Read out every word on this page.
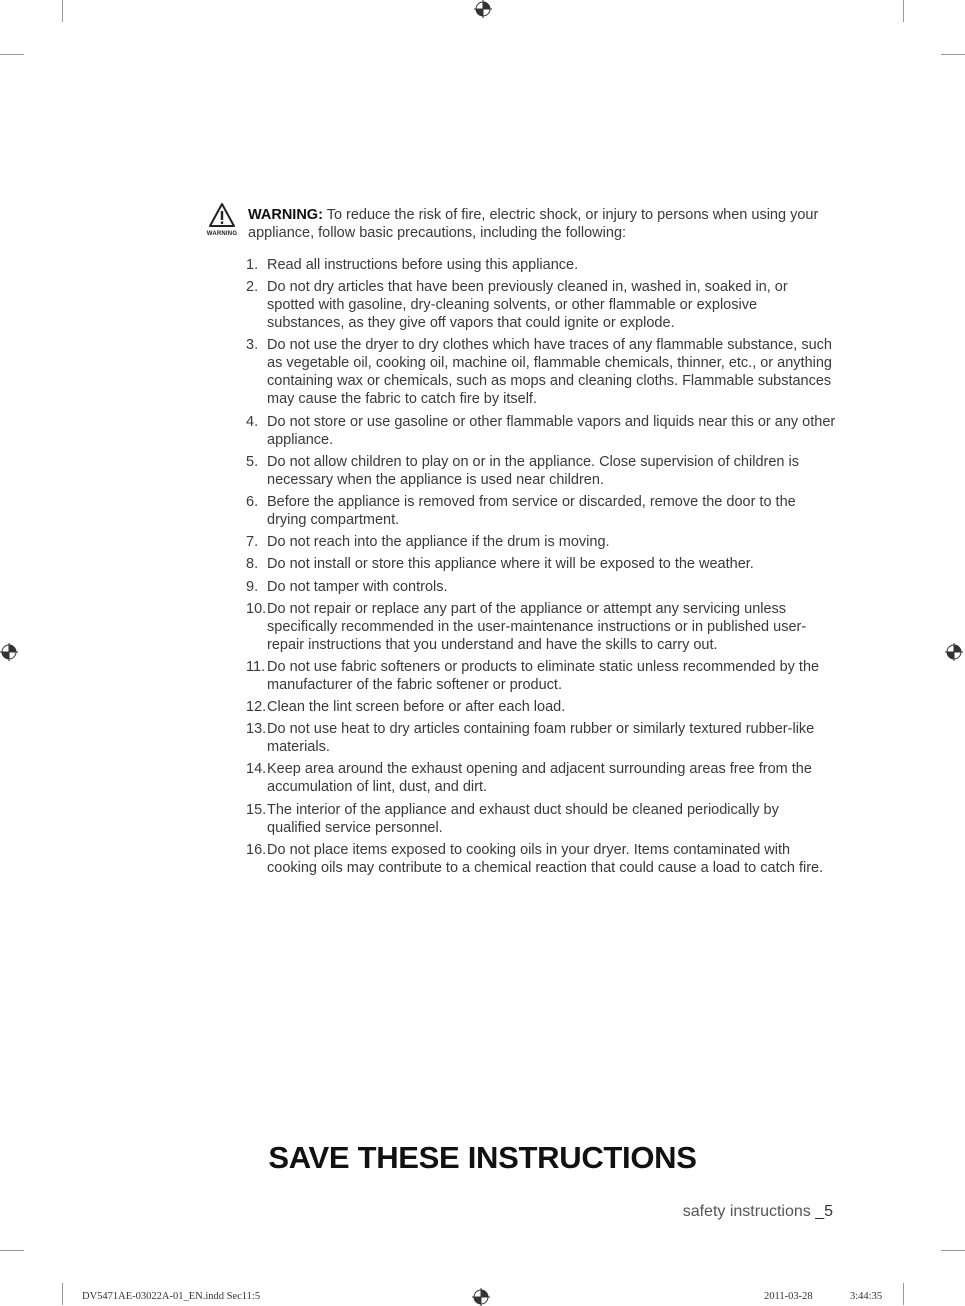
WARNING
WARNING: To reduce the risk of fire, electric shock, or injury to persons when using your appliance, follow basic precautions, including the following:
1. Read all instructions before using this appliance.
2. Do not dry articles that have been previously cleaned in, washed in, soaked in, or spotted with gasoline, dry-cleaning solvents, or other flammable or explosive substances, as they give off vapors that could ignite or explode.
3. Do not use the dryer to dry clothes which have traces of any flammable substance, such as vegetable oil, cooking oil, machine oil, flammable chemicals, thinner, etc., or anything containing wax or chemicals, such as mops and cleaning cloths. Flammable substances may cause the fabric to catch fire by itself.
4. Do not store or use gasoline or other flammable vapors and liquids near this or any other appliance.
5. Do not allow children to play on or in the appliance. Close supervision of children is necessary when the appliance is used near children.
6. Before the appliance is removed from service or discarded, remove the door to the drying compartment.
7. Do not reach into the appliance if the drum is moving.
8. Do not install or store this appliance where it will be exposed to the weather.
9. Do not tamper with controls.
10. Do not repair or replace any part of the appliance or attempt any servicing unless specifically recommended in the user-maintenance instructions or in published user-repair instructions that you understand and have the skills to carry out.
11. Do not use fabric softeners or products to eliminate static unless recommended by the manufacturer of the fabric softener or product.
12. Clean the lint screen before or after each load.
13. Do not use heat to dry articles containing foam rubber or similarly textured rubber-like materials.
14. Keep area around the exhaust opening and adjacent surrounding areas free from the accumulation of lint, dust, and dirt.
15. The interior of the appliance and exhaust duct should be cleaned periodically by qualified service personnel.
16. Do not place items exposed to cooking oils in your dryer. Items contaminated with cooking oils may contribute to a chemical reaction that could cause a load to catch fire.
SAVE THESE INSTRUCTIONS
safety instructions _5
DV5471AE-03022A-01_EN.indd Sec11:5	2011-03-28	3:44:35
